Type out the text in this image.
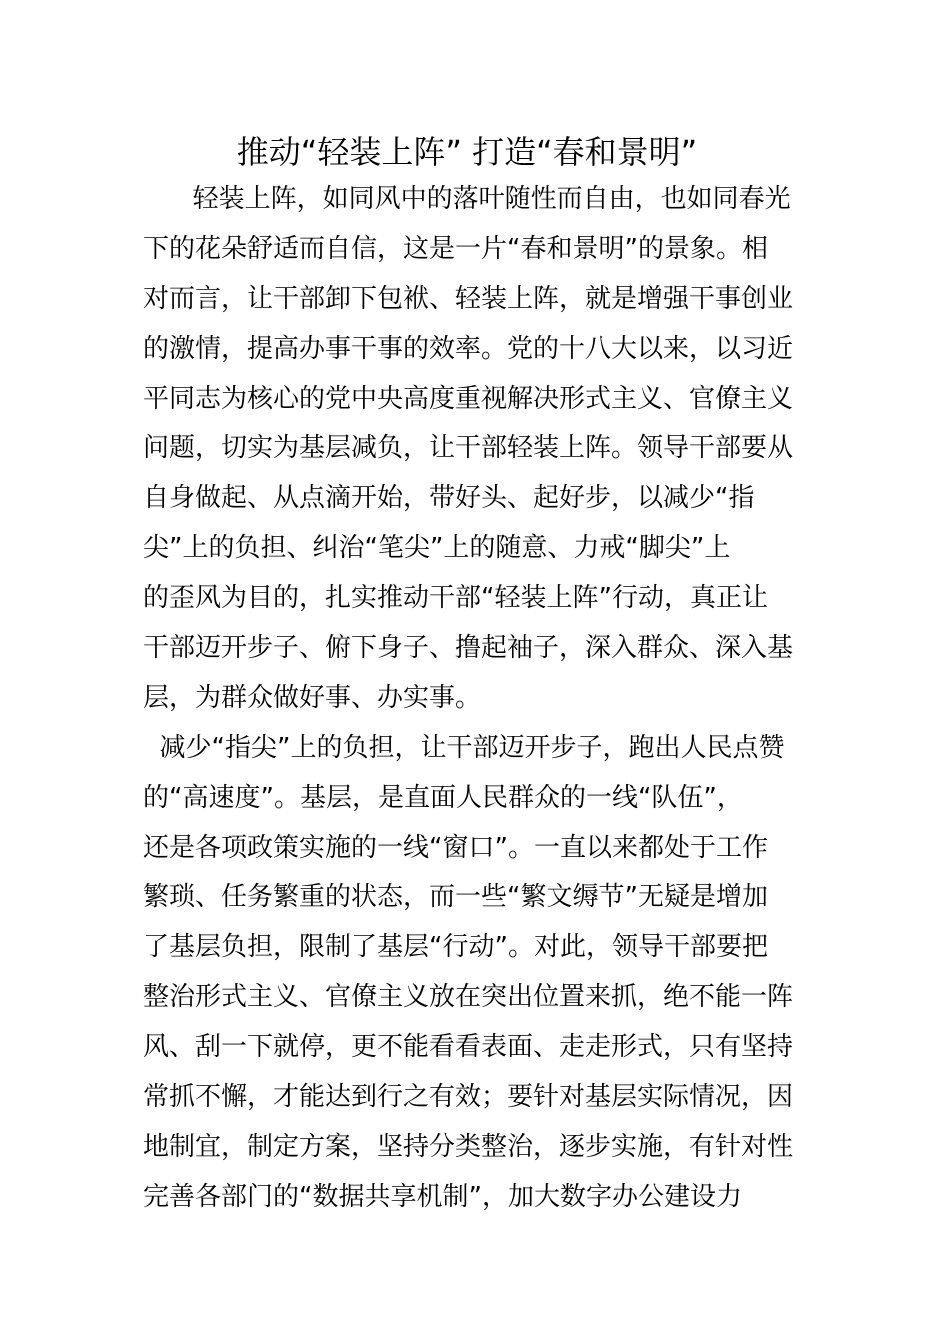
推动“轻装上阵” 打造“春和景明”
轻装上阵，如同风中的落叶随性而自由，也如同春光
下的花朵舒适而自信，这是一片“春和景明”的景象。相
对而言，让干部卸下包袱、轻装上阵，就是增强干事创业
的激情，提高办事干事的效率。党的十八大以来，以习近
平同志为核心的党中央高度重视解决形式主义、官僚主义
问题，切实为基层减负，让干部轻装上阵。领导干部要从
自身做起、从点滴开始，带好头、起好步，以减少“指
尖”上的负担、纠治“笔尖”上的随意、力戒“脚尖”上
的歪风为目的，扎实推动干部“轻装上阵”行动，真正让
干部迈开步子、俯下身子、撸起袖子，深入群众、深入基
层，为群众做好事、办实事。
减少“指尖”上的负担，让干部迈开步子，跑出人民点赞
的“高速度”。基层，是直面人民群众的一线“队伍”，
还是各项政策实施的一线“窗口”。一直以来都处于工作
繁琐、任务繁重的状态，而一些“繁文缛节”无疑是增加
了基层负担，限制了基层“行动”。对此，领导干部要把
整治形式主义、官僚主义放在突出位置来抓，绝不能一阵
风、刮一下就停，更不能看看表面、走走形式，只有坚持
常抓不懈，才能达到行之有效；要针对基层实际情况，因
地制宜，制定方案，坚持分类整治，逐步实施，有针对性
完善各部门的“数据共享机制”，加大数字办公建设力
